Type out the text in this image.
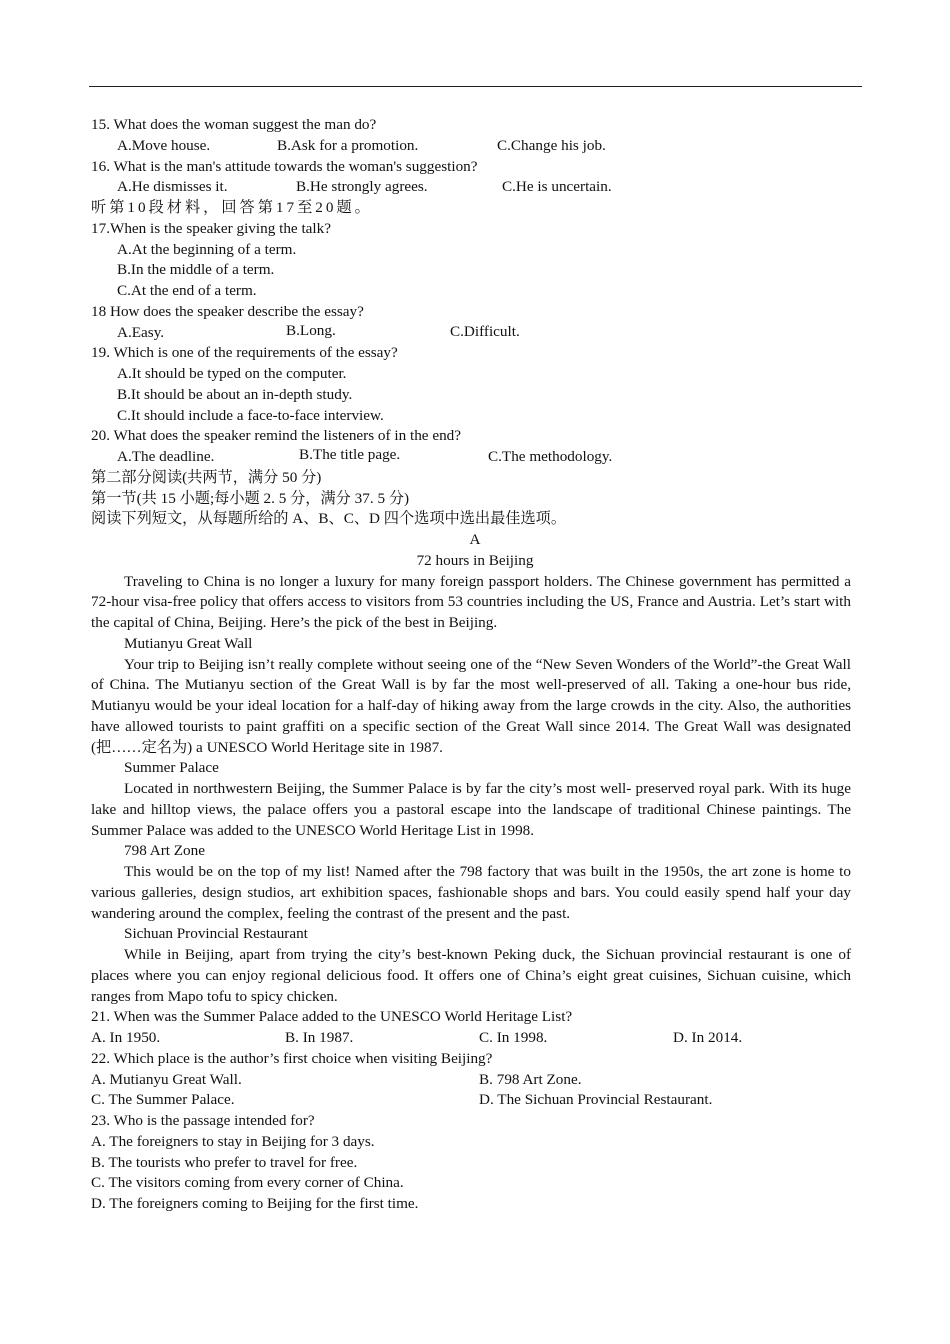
15. What does the woman suggest the man do?
A.Move house.	B.Ask for a promotion.	C.Change his job.
16. What is the man's attitude towards the woman's suggestion?
A.He dismisses it.	B.He strongly agrees.	C.He is uncertain.
听第10段材料，回答第17至20题。
17.When is the speaker giving the talk?
A.At the beginning of a term.
B.In the middle of a term.
C.At the end of a term.
18 How does the speaker describe the essay?
A.Easy.	B.Long.	C.Difficult.
19. Which is one of the requirements of the essay?
A.It should be typed on the computer.
B.It should be about an in-depth study.
C.It should include a face-to-face interview.
20. What does the speaker remind the listeners of in the end?
A.The deadline.	B.The title page.	C.The methodology.
第二部分阅读(共两节，满分 50 分)
第一节(共 15 小题;每小题 2. 5 分，满分 37. 5 分)
阅读下列短文，从每题所给的 A、B、C、D 四个选项中选出最佳选项。
A
72 hours in Beijing

Traveling to China is no longer a luxury for many foreign passport holders. The Chinese government has permitted a 72-hour visa-free policy that offers access to visitors from 53 countries including the US, France and Austria. Let’s start with the capital of China, Beijing. Here’s the pick of the best in Beijing.

Mutianyu Great Wall

Your trip to Beijing isn’t really complete without seeing one of the “New Seven Wonders of the World”-the Great Wall of China. The Mutianyu section of the Great Wall is by far the most well-preserved of all. Taking a one-hour bus ride, Mutianyu would be your ideal location for a half-day of hiking away from the large crowds in the city. Also, the authorities have allowed tourists to paint graffiti on a specific section of the Great Wall since 2014. The Great Wall was designated (把……定名为) a UNESCO World Heritage site in 1987.

Summer Palace

Located in northwestern Beijing, the Summer Palace is by far the city’s most well- preserved royal park. With its huge lake and hilltop views, the palace offers you a pastoral escape into the landscape of traditional Chinese paintings. The Summer Palace was added to the UNESCO World Heritage List in 1998.

798 Art Zone

This would be on the top of my list! Named after the 798 factory that was built in the 1950s, the art zone is home to various galleries, design studios, art exhibition spaces, fashionable shops and bars. You could easily spend half your day wandering around the complex, feeling the contrast of the present and the past.

Sichuan Provincial Restaurant

While in Beijing, apart from trying the city’s best-known Peking duck, the Sichuan provincial restaurant is one of places where you can enjoy regional delicious food. It offers one of China’s eight great cuisines, Sichuan cuisine, which ranges from Mapo tofu to spicy chicken.

21. When was the Summer Palace added to the UNESCO World Heritage List?
A. In 1950.	B. In 1987.	C. In 1998.	D. In 2014.
22. Which place is the author’s first choice when visiting Beijing?
A. Mutianyu Great Wall.	B. 798 Art Zone.
C. The Summer Palace.	D. The Sichuan Provincial Restaurant.
23. Who is the passage intended for?
A. The foreigners to stay in Beijing for 3 days.
B. The tourists who prefer to travel for free.
C. The visitors coming from every corner of China.
D. The foreigners coming to Beijing for the first time.
